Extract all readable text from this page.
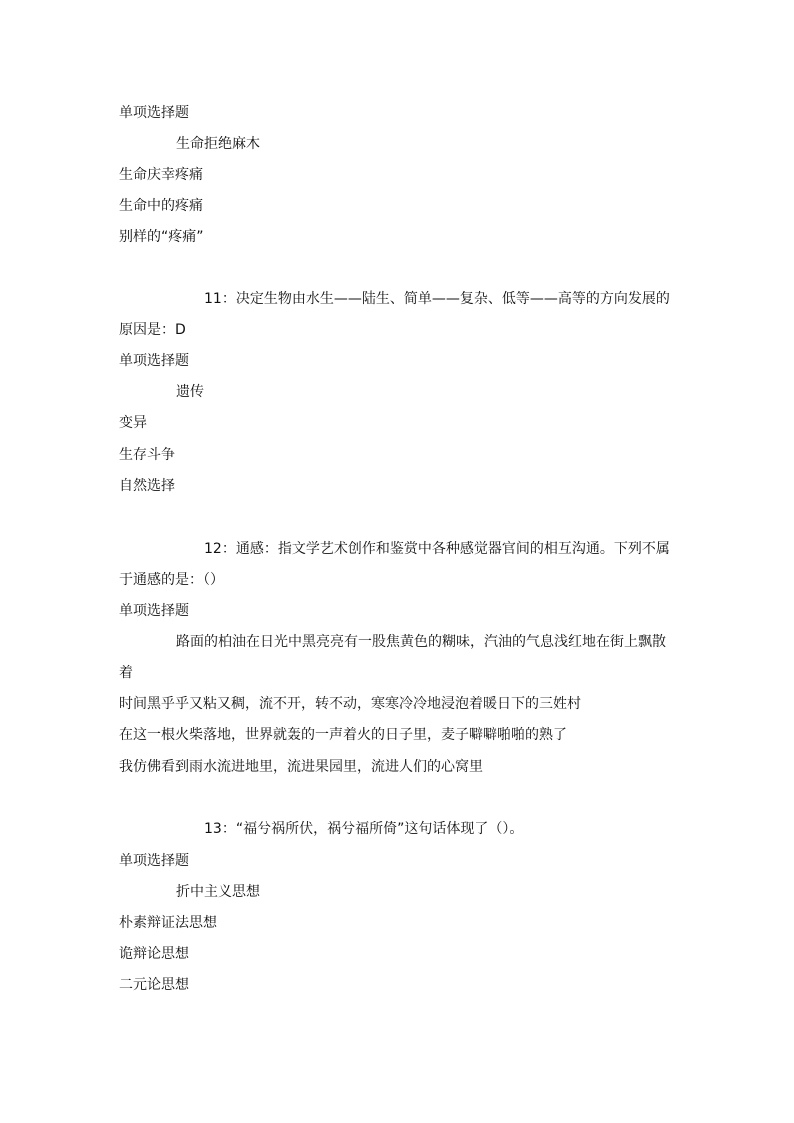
单项选择题
生命拒绝麻木
生命庆幸疼痛
生命中的疼痛
别样的“疼痛”
11：决定生物由水生——陆生、简单——复杂、低等——高等的方向发展的
原因是：D
单项选择题
遗传
变异
生存斗争
自然选择
12：通感：指文学艺术创作和鉴赏中各种感觉器官间的相互沟通。下列不属
于通感的是：（）
单项选择题
路面的柏油在日光中黑亮亮有一股焦黄色的糊味，汽油的气息浅红地在街上飘散
着
时间黑乎乎又粘又稠，流不开，转不动，寒寒冷冷地浸泡着暖日下的三姓村
在这一根火柴落地，世界就轰的一声着火的日子里，麦子噼噼啪啪的熟了
我仿佛看到雨水流进地里，流进果园里，流进人们的心窝里
13：“福兮祸所伏，祸兮福所倚”这句话体现了（）。
单项选择题
折中主义思想
朴素辩证法思想
诡辩论思想
二元论思想
